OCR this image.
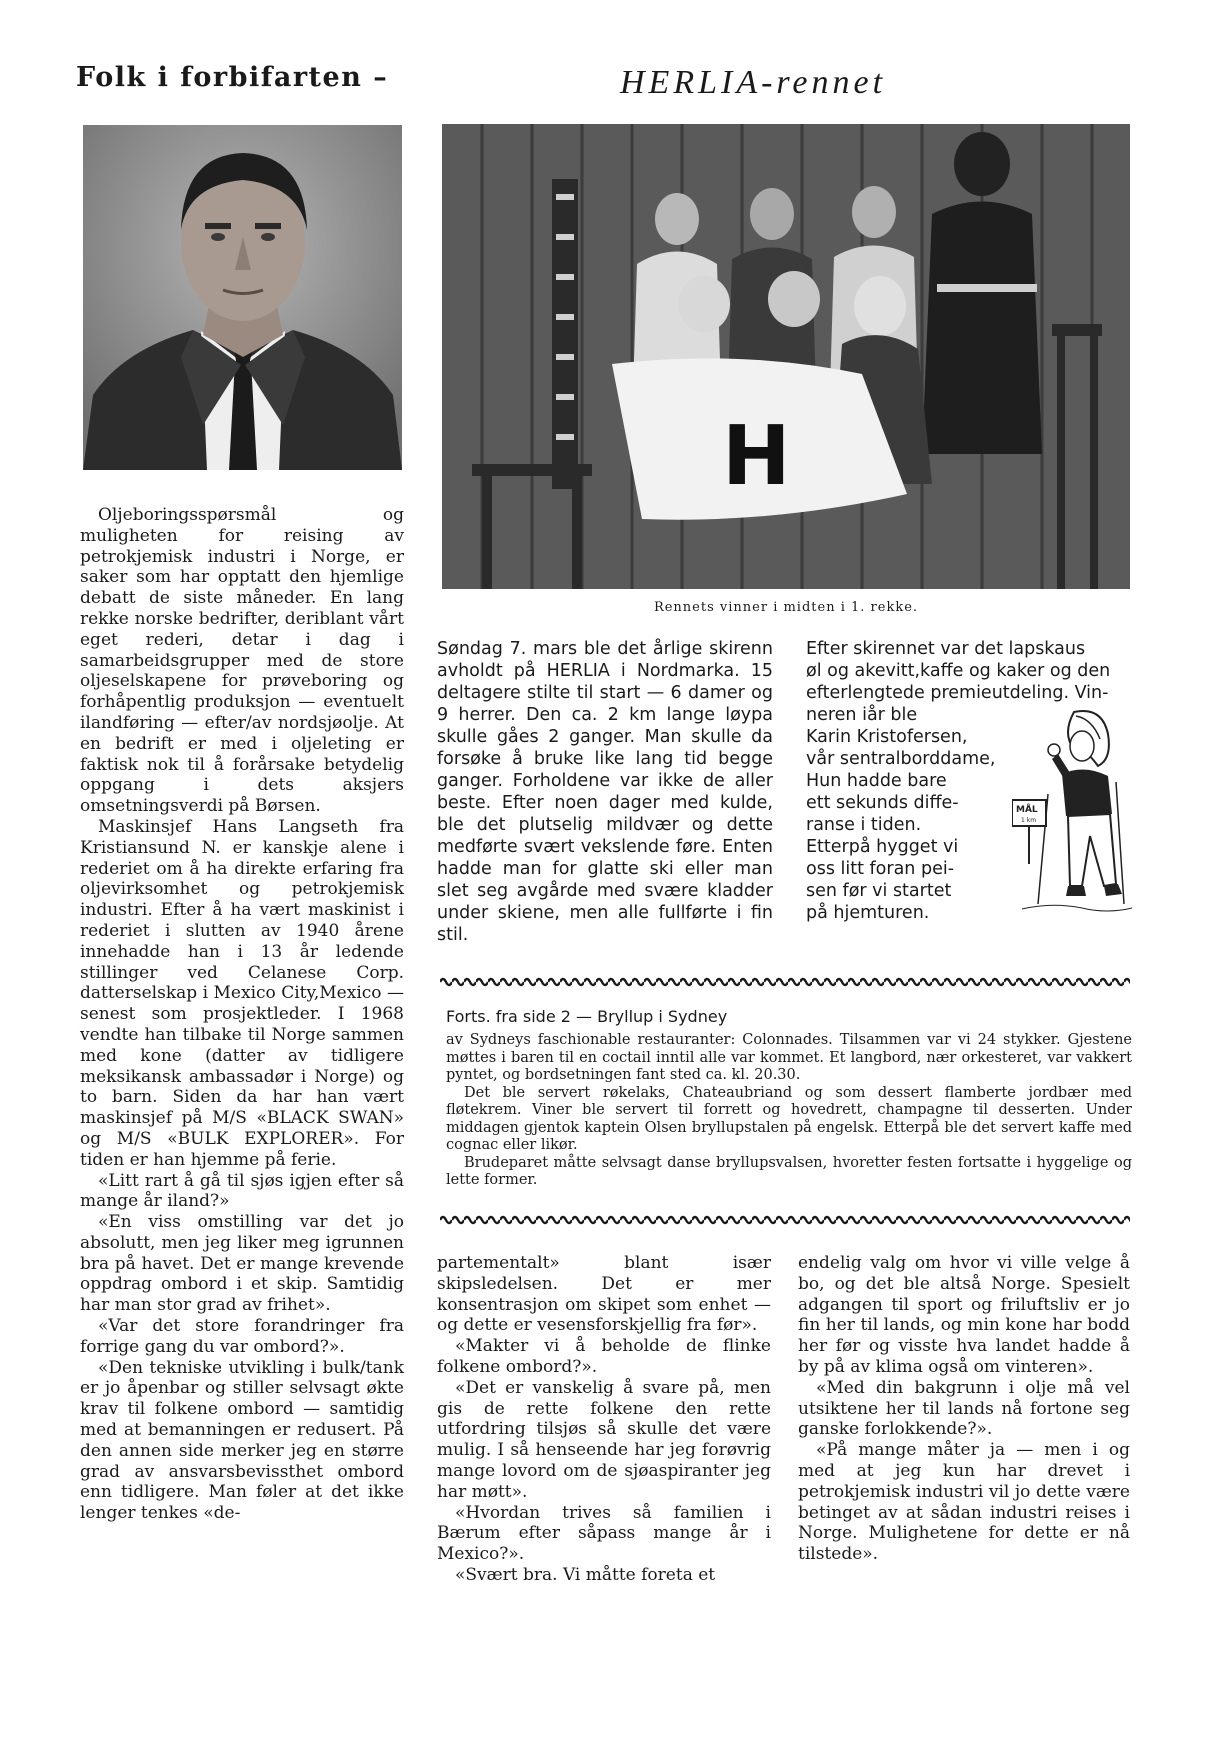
Folk i forbifarten –	HERLIA-rennet
H
Rennets vinner i midten i 1. rekke.

Oljeboringsspørsmål og muligheten for reising av petrokjemisk industri i Norge, er saker som har opptatt den hjemlige debatt de siste måneder. En lang rekke norske bedrifter, deriblant vårt eget rederi, detar i dag i samarbeidsgrupper med de store oljeselskapene for prøveboring og forhåpentlig produksjon — eventuelt ilandføring — efter/av nordsjøolje. At en bedrift er med i oljeleting er faktisk nok til å forårsake betydelig oppgang i dets aksjers omsetningsverdi på Børsen.

Maskinsjef Hans Langseth fra Kristiansund N. er kanskje alene i rederiet om å ha direkte erfaring fra oljevirksomhet og petrokjemisk industri. Efter å ha vært maskinist i rederiet i slutten av 1940 årene innehadde han i 13 år ledende stillinger ved Celanese Corp. datterselskap i Mexico City,Mexico — senest som prosjektleder. I 1968 vendte han tilbake til Norge sammen med kone (datter av tidligere meksikansk ambassadør i Norge) og to barn. Siden da har han vært maskinsjef på M/S «BLACK SWAN» og M/S «BULK EXPLORER». For tiden er han hjemme på ferie.

«Litt rart å gå til sjøs igjen efter så mange år iland?»

«En viss omstilling var det jo absolutt, men jeg liker meg igrunnen bra på havet. Det er mange krevende oppdrag ombord i et skip. Samtidig har man stor grad av frihet».

«Var det store forandringer fra forrige gang du var ombord?».

«Den tekniske utvikling i bulk/tank er jo åpenbar og stiller selvsagt økte krav til folkene ombord — samtidig med at bemanningen er redusert. På den annen side merker jeg en større grad av ansvarsbevissthet ombord enn tidligere. Man føler at det ikke lenger tenkes «de-

Søndag 7. mars ble det årlige skirenn avholdt på HERLIA i Nordmarka. 15 deltagere stilte til start — 6 damer og 9 herrer. Den ca. 2 km lange løypa skulle gåes 2 ganger. Man skulle da forsøke å bruke like lang tid begge ganger. Forholdene var ikke de aller beste. Efter noen dager med kulde, ble det plutselig mildvær og dette medførte svært vekslende føre. Enten hadde man for glatte ski eller man slet seg avgårde med svære kladder under skiene, men alle fullførte i fin stil.

Efter skirennet var det lapskaus
øl og akevitt,kaffe og kaker og den
efterlengtede premieutdeling. Vin-
neren iår ble
Karin Kristofersen,
vår sentralborddame,
Hun hadde bare
ett sekunds diffe-
ranse i tiden.
Etterpå hygget vi
oss litt foran pei-
sen før vi startet
på hjemturen.
MÅL
1 km
Forts. fra side 2 — Bryllup i Sydney

av Sydneys faschionable restauranter: Colonnades. Tilsammen var vi 24 stykker. Gjestene møttes i baren til en coctail inntil alle var kommet. Et langbord, nær orkesteret, var vakkert pyntet, og bordsetningen fant sted ca. kl. 20.30.

Det ble servert røkelaks, Chateaubriand og som dessert flamberte jordbær med fløtekrem. Viner ble servert til forrett og hovedrett, champagne til desserten. Under middagen gjentok kaptein Olsen bryllupstalen på engelsk. Etterpå ble det servert kaffe med cognac eller likør.

Brudeparet måtte selvsagt danse bryllupsvalsen, hvoretter festen fortsatte i hyggelige og lette former.

partementalt» blant især skipsledelsen. Det er mer konsentrasjon om skipet som enhet — og dette er vesensforskjellig fra før».

«Makter vi å beholde de flinke folkene ombord?».

«Det er vanskelig å svare på, men gis de rette folkene den rette utfordring tilsjøs så skulle det være mulig. I så henseende har jeg forøvrig mange lovord om de sjøaspiranter jeg har møtt».

«Hvordan trives så familien i Bærum efter såpass mange år i Mexico?».

«Svært bra. Vi måtte foreta et

endelig valg om hvor vi ville velge å bo, og det ble altså Norge. Spesielt adgangen til sport og friluftsliv er jo fin her til lands, og min kone har bodd her før og visste hva landet hadde å by på av klima også om vinteren».

«Med din bakgrunn i olje må vel utsiktene her til lands nå fortone seg ganske forlokkende?».

«På mange måter ja — men i og med at jeg kun har drevet i petrokjemisk industri vil jo dette være betinget av at sådan industri reises i Norge. Mulighetene for dette er nå tilstede».
